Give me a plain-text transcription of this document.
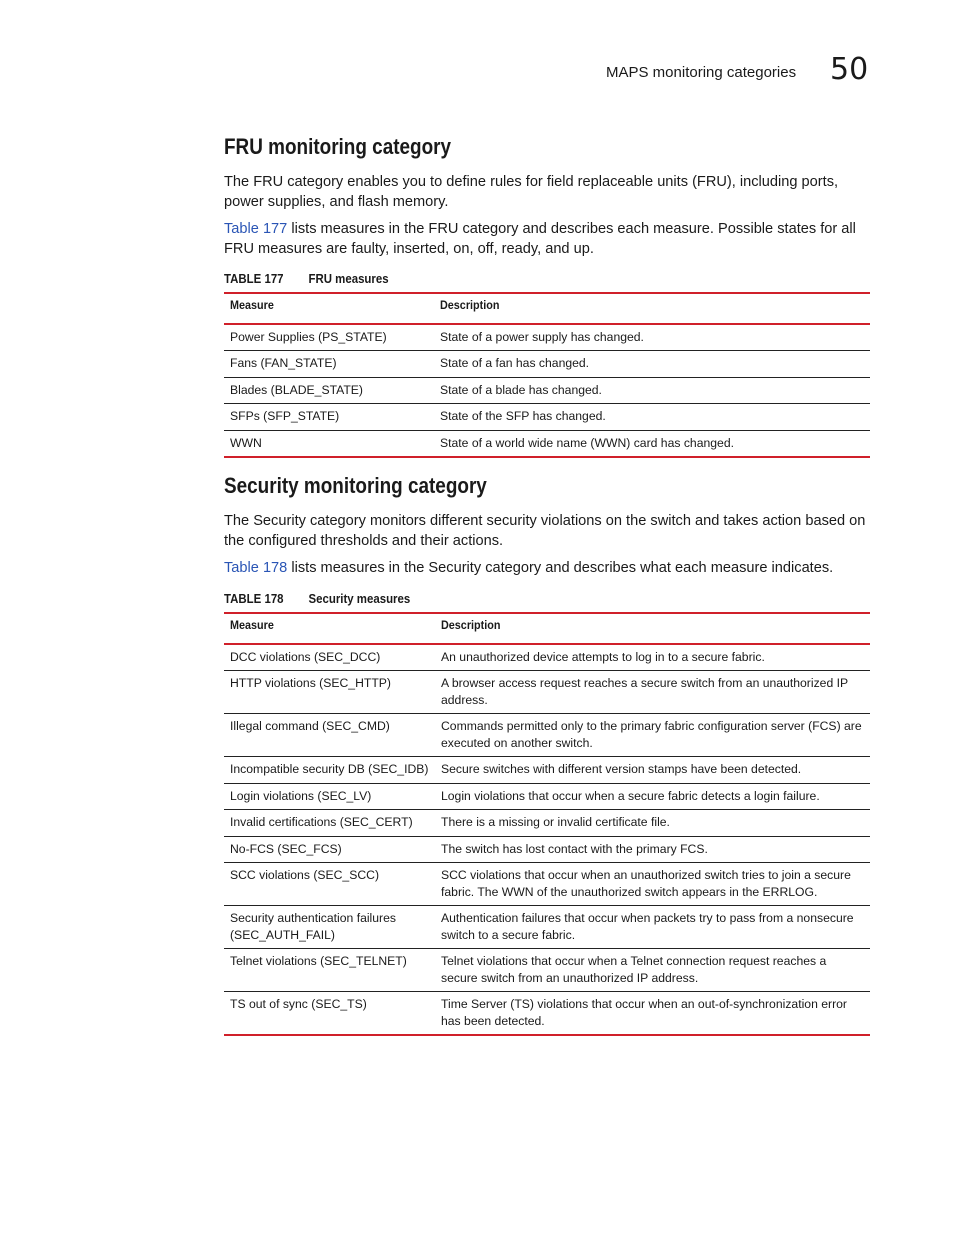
MAPS monitoring categories 50
FRU monitoring category

The FRU category enables you to define rules for field replaceable units (FRU), including ports, power supplies, and flash memory.

Table 177 lists measures in the FRU category and describes each measure. Possible states for all FRU measures are faulty, inserted, on, off, ready, and up.

TABLE 177 FRU measures
Measure	Description
Power Supplies (PS_STATE)	State of a power supply has changed.
Fans (FAN_STATE)	State of a fan has changed.
Blades (BLADE_STATE)	State of a blade has changed.
SFPs (SFP_STATE)	State of the SFP has changed.
WWN	State of a world wide name (WWN) card has changed.
Security monitoring category

The Security category monitors different security violations on the switch and takes action based on the configured thresholds and their actions.

Table 178 lists measures in the Security category and describes what each measure indicates.

TABLE 178 Security measures
Measure	Description
DCC violations (SEC_DCC)	An unauthorized device attempts to log in to a secure fabric.
HTTP violations (SEC_HTTP)	A browser access request reaches a secure switch from an unauthorized IP address.
Illegal command (SEC_CMD)	Commands permitted only to the primary fabric configuration server (FCS) are executed on another switch.
Incompatible security DB (SEC_IDB)	Secure switches with different version stamps have been detected.
Login violations (SEC_LV)	Login violations that occur when a secure fabric detects a login failure.
Invalid certifications (SEC_CERT)	There is a missing or invalid certificate file.
No-FCS (SEC_FCS)	The switch has lost contact with the primary FCS.
SCC violations (SEC_SCC)	SCC violations that occur when an unauthorized switch tries to join a secure fabric. The WWN of the unauthorized switch appears in the ERRLOG.
Security authentication failures (SEC_AUTH_FAIL)	Authentication failures that occur when packets try to pass from a nonsecure switch to a secure fabric.
Telnet violations (SEC_TELNET)	Telnet violations that occur when a Telnet connection request reaches a secure switch from an unauthorized IP address.
TS out of sync (SEC_TS)	Time Server (TS) violations that occur when an out-of-synchronization error has been detected.
